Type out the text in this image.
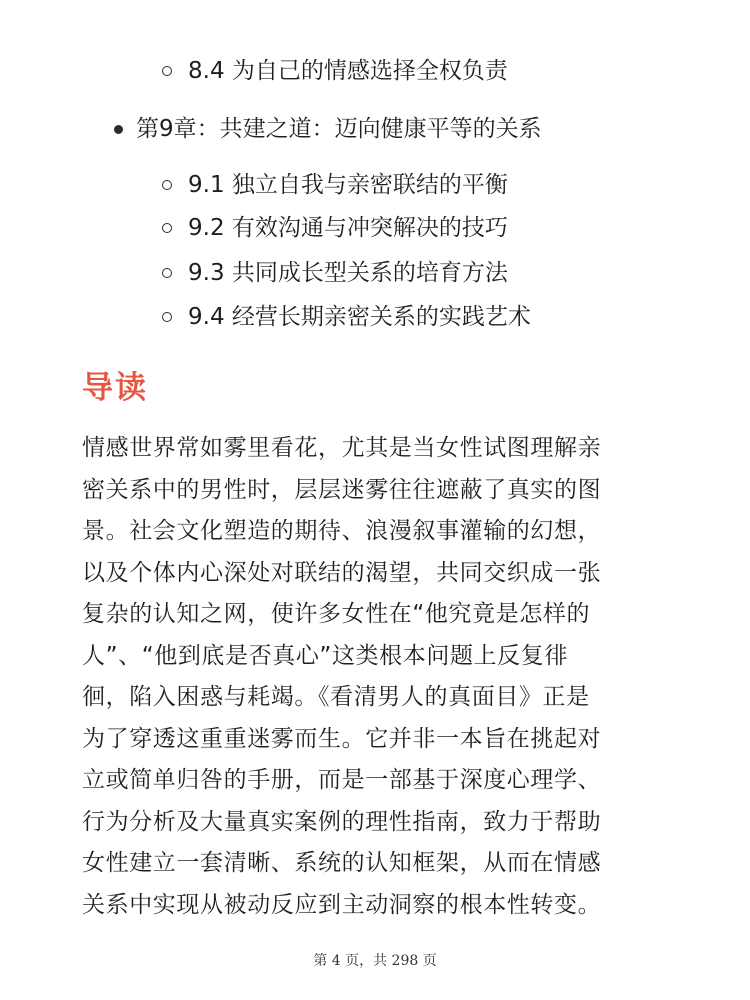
8.4 为自己的情感选择全权负责
第9章：共建之道：迈向健康平等的关系
9.1 独立自我与亲密联结的平衡
9.2 有效沟通与冲突解决的技巧
9.3 共同成长型关系的培育方法
9.4 经营长期亲密关系的实践艺术
导读
情感世界常如雾里看花，尤其是当女性试图理解亲
密关系中的男性时，层层迷雾往往遮蔽了真实的图
景。社会文化塑造的期待、浪漫叙事灌输的幻想，
以及个体内心深处对联结的渴望，共同交织成一张
复杂的认知之网，使许多女性在“他究竟是怎样的
人”、“他到底是否真心”这类根本问题上反复徘
徊，陷入困惑与耗竭。《看清男人的真面目》正是
为了穿透这重重迷雾而生。它并非一本旨在挑起对
立或简单归咎的手册，而是一部基于深度心理学、
行为分析及大量真实案例的理性指南，致力于帮助
女性建立一套清晰、系统的认知框架，从而在情感
关系中实现从被动反应到主动洞察的根本性转变。
第 4 页，共 298 页
